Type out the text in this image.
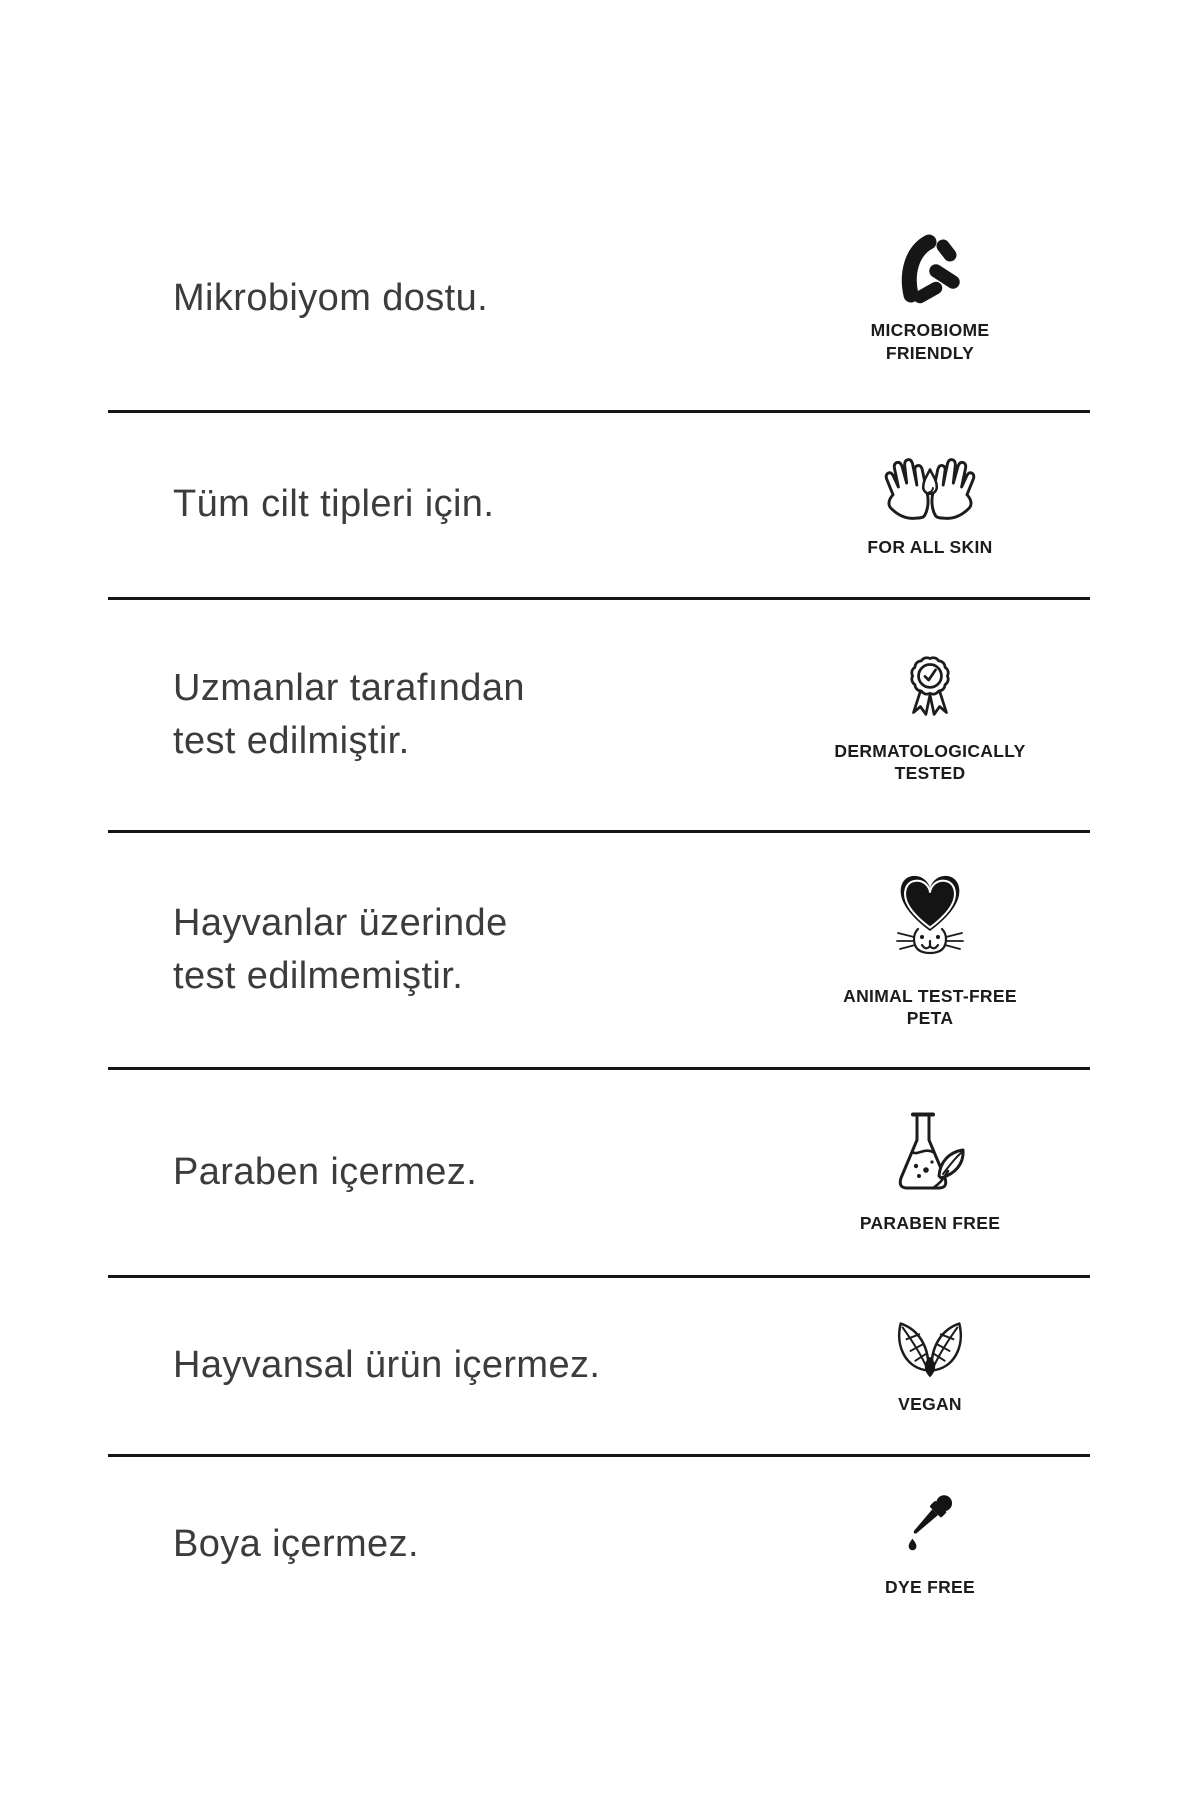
Mikrobiyom dostu.
MICROBIOME
FRIENDLY
Tüm cilt tipleri için.
FOR ALL SKIN
Uzmanlar tarafından
test edilmiştir.	DERMATOLOGICALLY
TESTED
Hayvanlar üzerinde
test edilmemiştir.	ANIMAL TEST-FREE
PETA
Paraben içermez.
PARABEN FREE
Hayvansal ürün içermez.
VEGAN
Boya içermez.
DYE FREE
